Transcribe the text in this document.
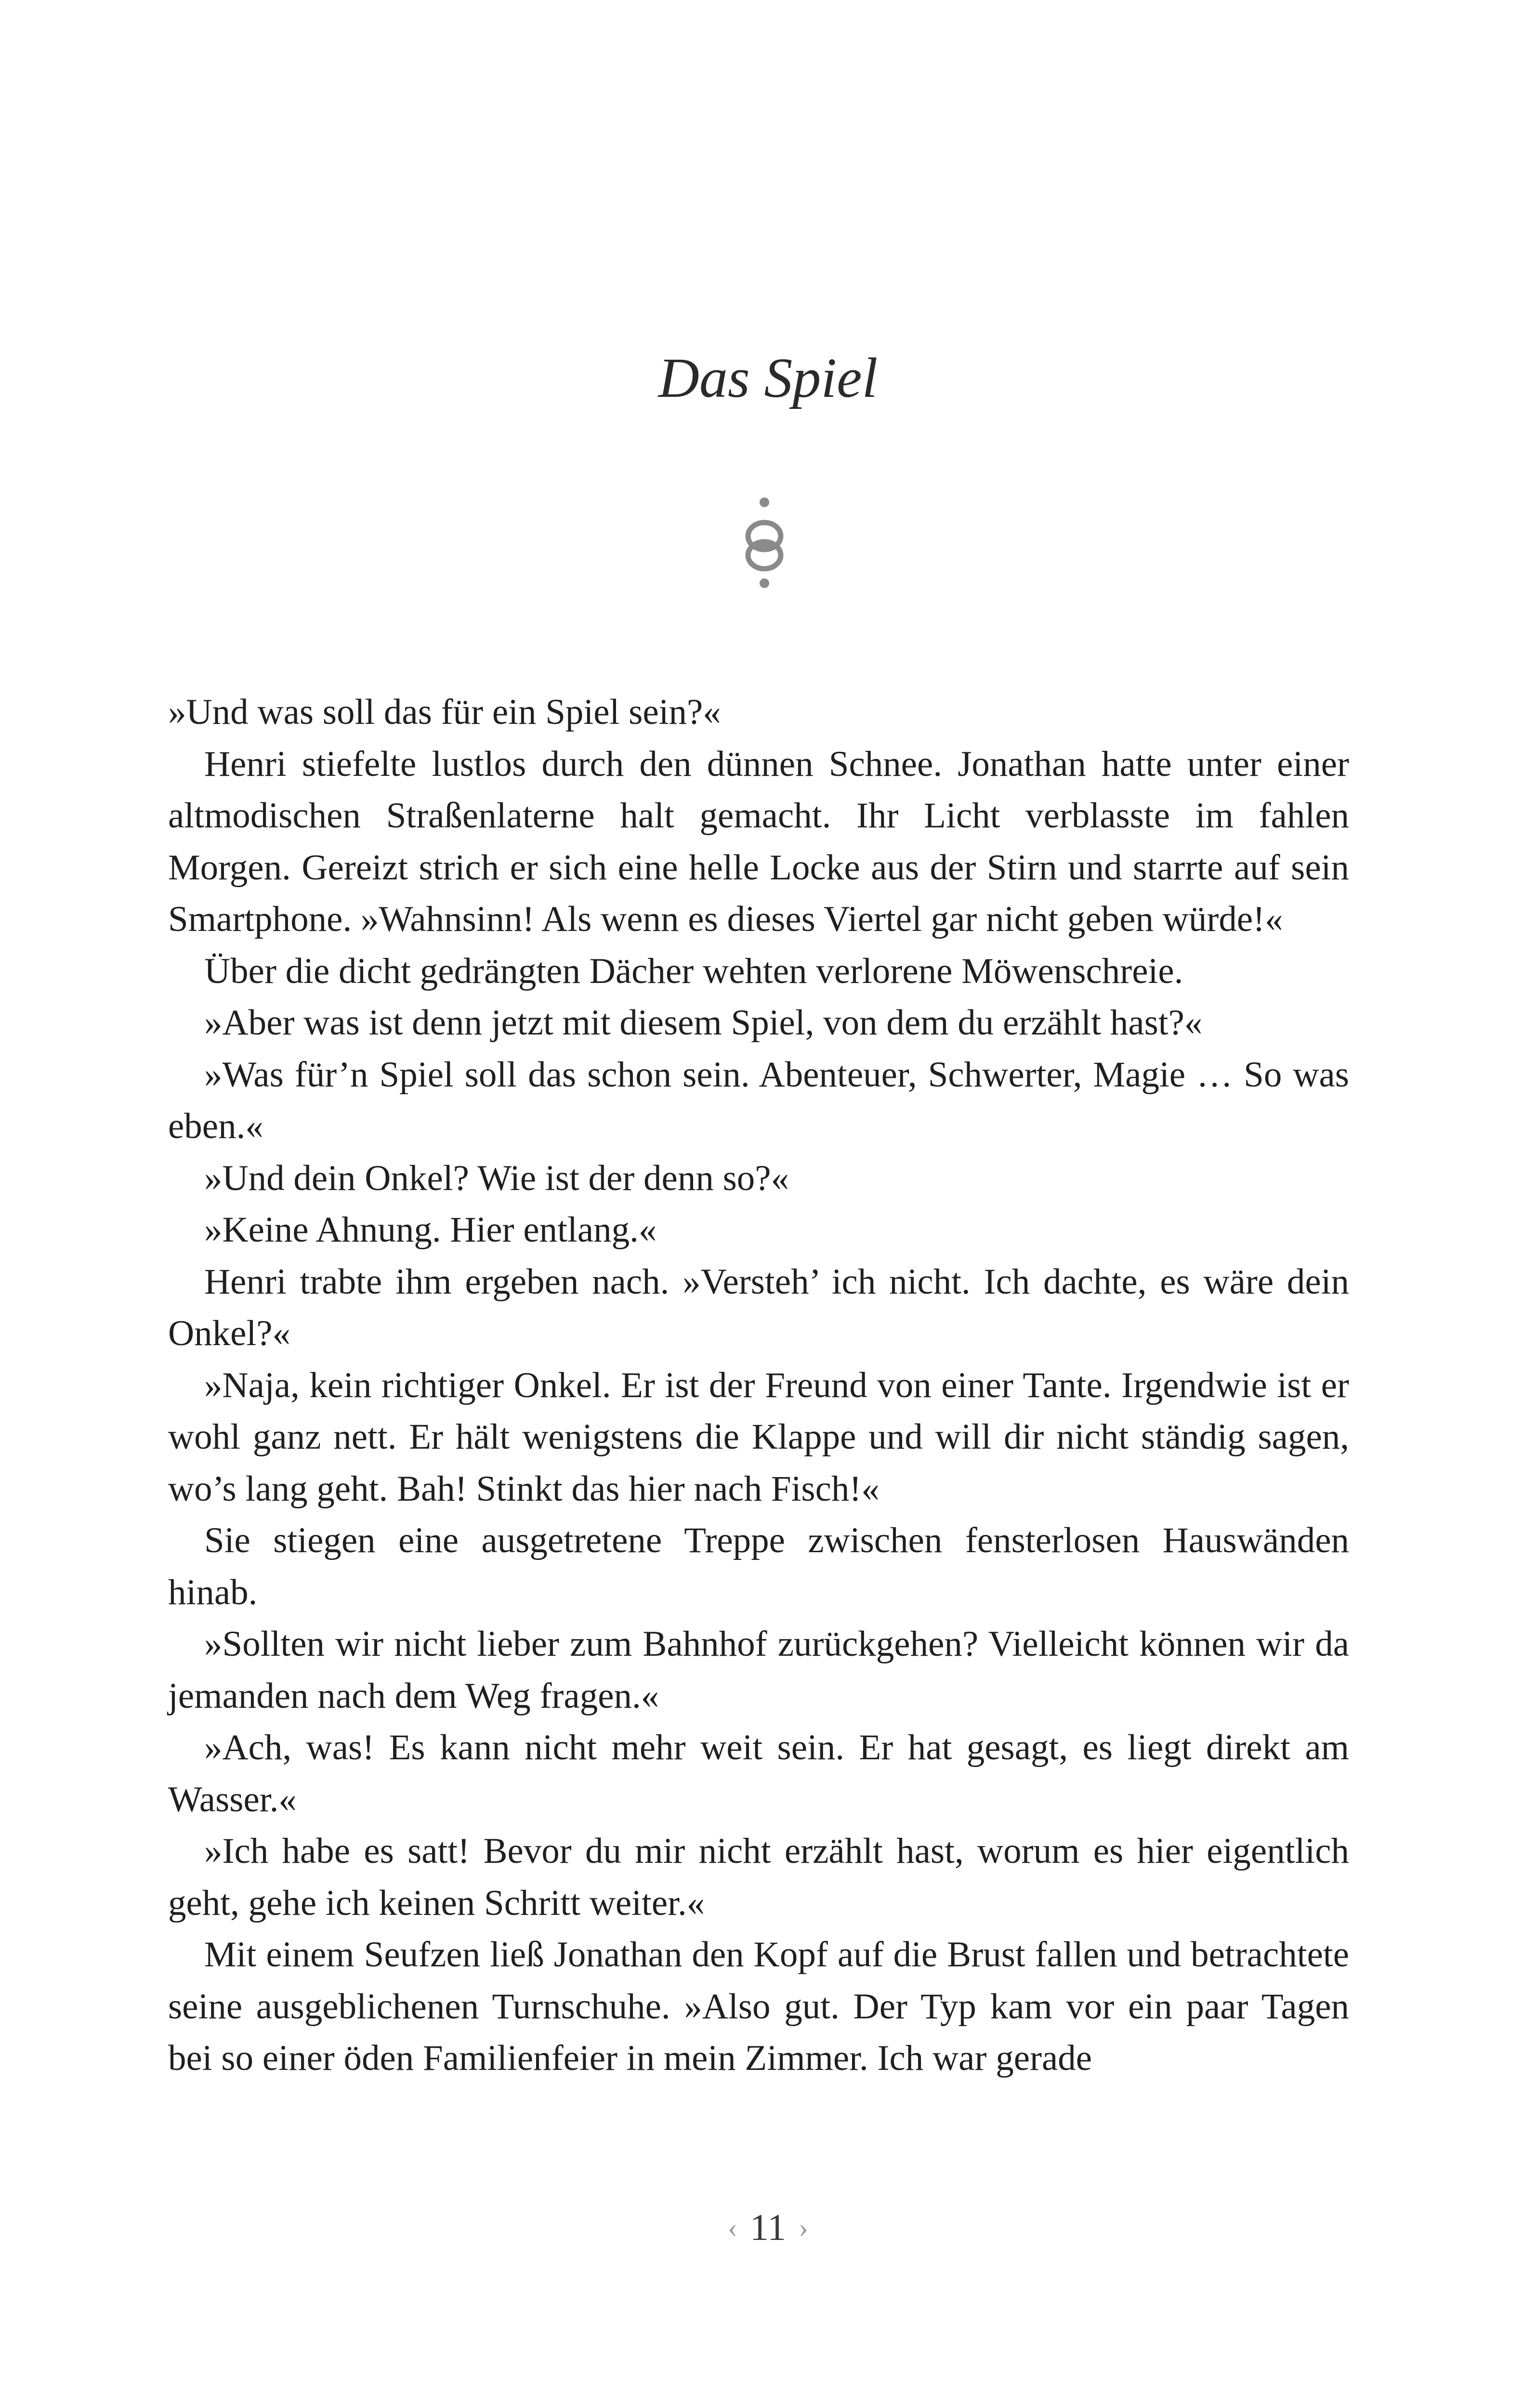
Das Spiel

»Und was soll das für ein Spiel sein?«

Henri stiefelte lustlos durch den dünnen Schnee. Jonathan hatte unter einer altmodischen Straßenlaterne halt gemacht. Ihr Licht verblasste im fahlen Morgen. Gereizt strich er sich eine helle Locke aus der Stirn und starrte auf sein Smartphone. »Wahnsinn! Als wenn es dieses Viertel gar nicht geben würde!«

Über die dicht gedrängten Dächer wehten verlorene Möwenschreie.

»Aber was ist denn jetzt mit diesem Spiel, von dem du erzählt hast?«

»Was für’n Spiel soll das schon sein. Abenteuer, Schwerter, Magie … So was eben.«

»Und dein Onkel? Wie ist der denn so?«

»Keine Ahnung. Hier entlang.«

Henri trabte ihm ergeben nach. »Versteh’ ich nicht. Ich dachte, es wäre dein Onkel?«

»Naja, kein richtiger Onkel. Er ist der Freund von einer Tante. Irgendwie ist er wohl ganz nett. Er hält wenigstens die Klappe und will dir nicht ständig sagen, wo’s lang geht. Bah! Stinkt das hier nach Fisch!«

Sie stiegen eine ausgetretene Treppe zwischen fensterlosen Hauswänden hinab.

»Sollten wir nicht lieber zum Bahnhof zurückgehen? Vielleicht können wir da jemanden nach dem Weg fragen.«

»Ach, was! Es kann nicht mehr weit sein. Er hat gesagt, es liegt direkt am Wasser.«

»Ich habe es satt! Bevor du mir nicht erzählt hast, worum es hier eigentlich geht, gehe ich keinen Schritt weiter.«

Mit einem Seufzen ließ Jonathan den Kopf auf die Brust fallen und betrachtete seine ausgeblichenen Turnschuhe. »Also gut. Der Typ kam vor ein paar Tagen bei so einer öden Familienfeier in mein Zimmer. Ich war gerade

‹ 11 ›
